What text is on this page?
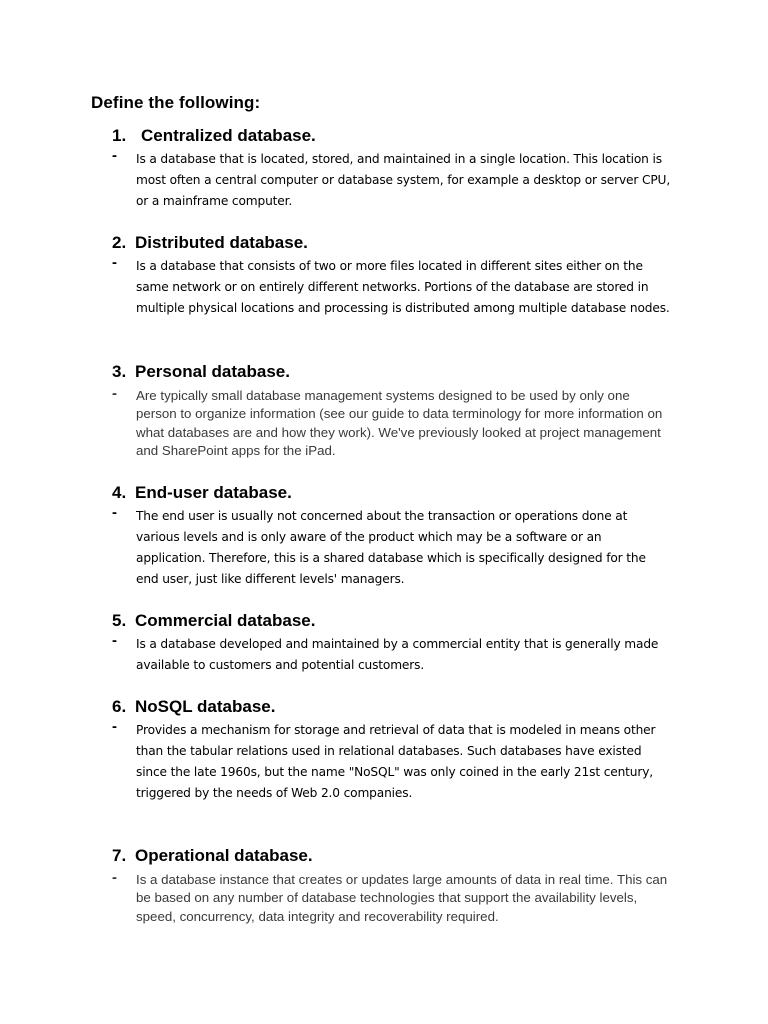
Define the following:
1. Centralized database.
- Is a database that is located, stored, and maintained in a single location. This location is most often a central computer or database system, for example a desktop or server CPU, or a mainframe computer.
2. Distributed database.
- Is a database that consists of two or more files located in different sites either on the same network or on entirely different networks. Portions of the database are stored in multiple physical locations and processing is distributed among multiple database nodes.
3. Personal database.
- Are typically small database management systems designed to be used by only one person to organize information (see our guide to data terminology for more information on what databases are and how they work). We've previously looked at project management and SharePoint apps for the iPad.
4. End-user database.
- The end user is usually not concerned about the transaction or operations done at various levels and is only aware of the product which may be a software or an application. Therefore, this is a shared database which is specifically designed for the end user, just like different levels' managers.
5. Commercial database.
- Is a database developed and maintained by a commercial entity that is generally made available to customers and potential customers.
6. NoSQL database.
- Provides a mechanism for storage and retrieval of data that is modeled in means other than the tabular relations used in relational databases. Such databases have existed since the late 1960s, but the name "NoSQL" was only coined in the early 21st century, triggered by the needs of Web 2.0 companies.
7. Operational database.
- Is a database instance that creates or updates large amounts of data in real time. This can be based on any number of database technologies that support the availability levels, speed, concurrency, data integrity and recoverability required.
